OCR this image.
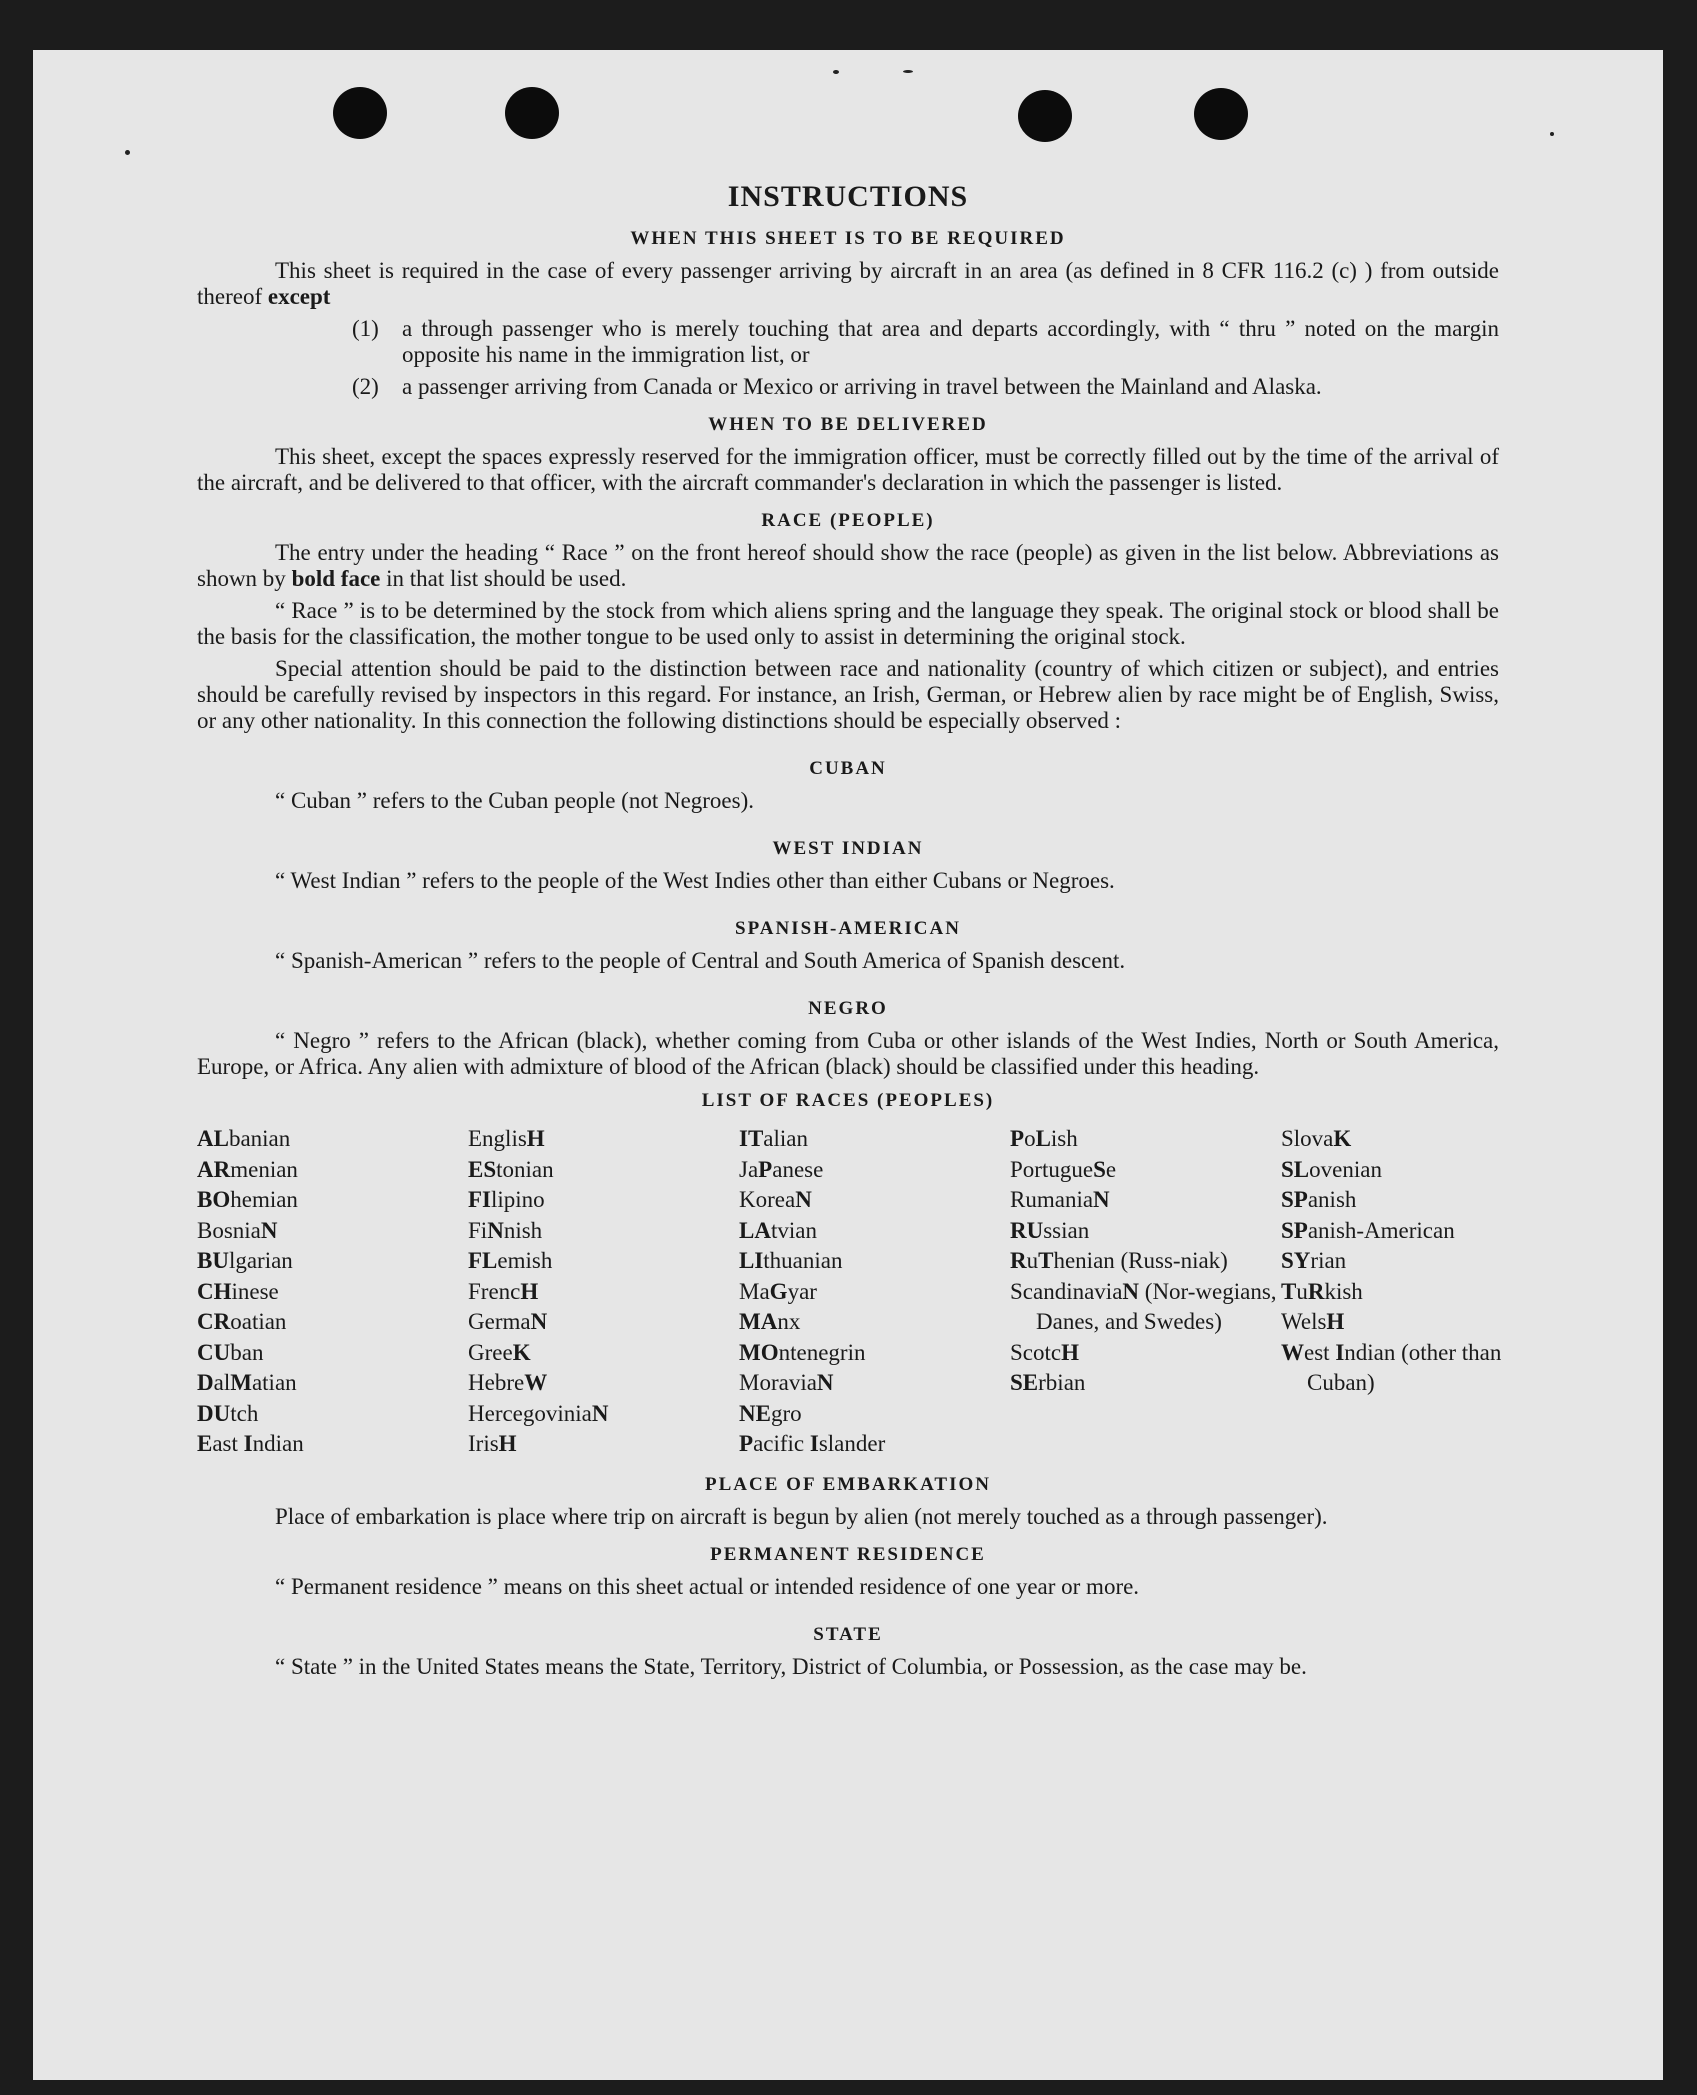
INSTRUCTIONS
WHEN THIS SHEET IS TO BE REQUIRED

This sheet is required in the case of every passenger arriving by aircraft in an area (as defined in 8 CFR 116.2 (c) ) from outside thereof except

(1)	a through passenger who is merely touching that area and departs accordingly, with “ thru ” noted on the margin opposite his name in the immigration list, or
(2)	a passenger arriving from Canada or Mexico or arriving in travel between the Mainland and Alaska.
WHEN TO BE DELIVERED

This sheet, except the spaces expressly reserved for the immigration officer, must be correctly filled out by the time of the arrival of the aircraft, and be delivered to that officer, with the aircraft commander's declaration in which the passenger is listed.

RACE (PEOPLE)

The entry under the heading “ Race ” on the front hereof should show the race (people) as given in the list below. Abbreviations as shown by bold face in that list should be used.

“ Race ” is to be determined by the stock from which aliens spring and the language they speak. The original stock or blood shall be the basis for the classification, the mother tongue to be used only to assist in determining the original stock.

Special attention should be paid to the distinction between race and nationality (country of which citizen or subject), and entries should be carefully revised by inspectors in this regard. For instance, an Irish, German, or Hebrew alien by race might be of English, Swiss, or any other nationality. In this connection the following distinctions should be especially observed :

CUBAN
“ Cuban ” refers to the Cuban people (not Negroes).
WEST INDIAN
“ West Indian ” refers to the people of the West Indies other than either Cubans or Negroes.
SPANISH-AMERICAN
“ Spanish-American ” refers to the people of Central and South America of Spanish descent.
NEGRO

“ Negro ” refers to the African (black), whether coming from Cuba or other islands of the West Indies, North or South America, Europe, or Africa. Any alien with admixture of blood of the African (black) should be classified under this heading.

LIST OF RACES (PEOPLES)
ALbanian
ARmenian
BOhemian
BosniaN
BUlgarian
CHinese
CRoatian
CUban
DalMatian
DUtch
East Indian
EnglisH
EStonian
FIlipino
FiNnish
FLemish
FrencH
GermaN
GreeK
HebreW
HercegoviniaN
IrisH
ITalian
JaPanese
KoreaN
LAtvian
LIthuanian
MaGyar
MAnx
MOntenegrin
MoraviaN
NEgro
Pacific Islander
PoLish
PortugueSe
RumaniaN
RUssian
RuThenian (Russ-niak)
ScandinaviaN (Nor-wegians, Danes, and Swedes)
ScotcH
SErbian
SlovaK
SLovenian
SPanish
SPanish-American
SYrian
TuRkish
WelsH
West Indian (other than Cuban)
PLACE OF EMBARKATION

Place of embarkation is place where trip on aircraft is begun by alien (not merely touched as a through passenger).

PERMANENT RESIDENCE
“ Permanent residence ” means on this sheet actual or intended residence of one year or more.
STATE

“ State ” in the United States means the State, Territory, District of Columbia, or Possession, as the case may be.
